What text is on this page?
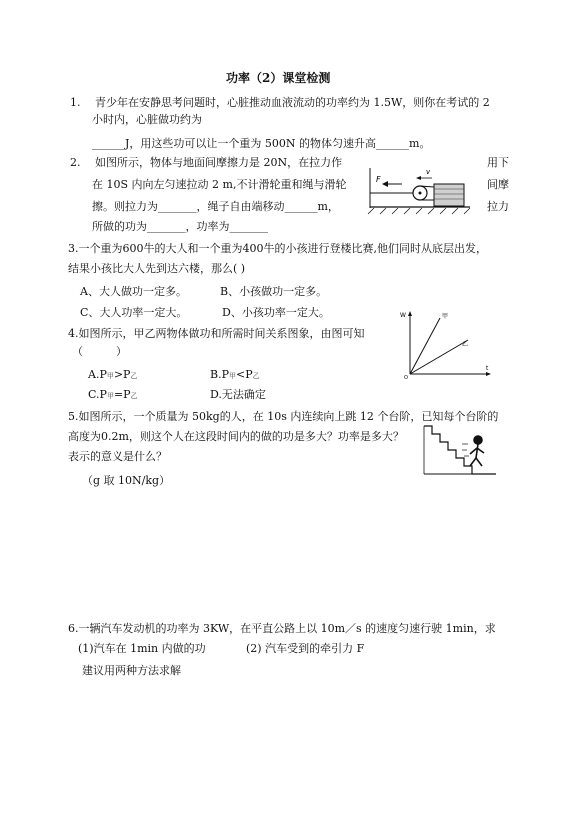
功率（2）课堂检测
1.　 青少年在安静思考问题时，心脏推动血液流动的功率约为 1.5W，则你在考试的 2
小时内，心脏做功约为
______J，用这些功可以让一个重为 500N 的物体匀速升高______m。
2.　 如图所示，物体与地面间摩擦力是 20N，在拉力作	用下
在 10S 内向左匀速拉动 2 m,不计滑轮重和绳与滑轮	间摩
擦。则拉力为_______，绳子自由端移动______m，	拉力
所做的功为_______，功率为_______
F
v
3.一个重为600牛的大人和一个重为400牛的小孩进行登楼比赛,他们同时从底层出发，
结果小孩比大人先到达六楼，那么( )
A、大人做功一定多。	B、小孩做功一定多。
C、大人功率一定大。	D、小孩功率一定大。
4.如图所示，甲乙两物体做功和所需时间关系图象，由图可知
（　　　）
A.P甲>P乙	B.P甲<P乙
C.P甲=P乙	D.无法确定
W
t
O
甲
乙
5.如图所示，一个质量为 50kg的人，在 10s 内连续向上跳 12 个台阶，已知每个台阶的
高度为0.2m，则这个人在这段时间内的做的功是多大？功率是多大？
表示的意义是什么？
（g 取 10N/kg）
6.一辆汽车发动机的功率为 3KW，在平直公路上以 10m／s 的速度匀速行驶 1min，求
(1)汽车在 1min 内做的功	(2) 汽车受到的牵引力 F
建议用两种方法求解
